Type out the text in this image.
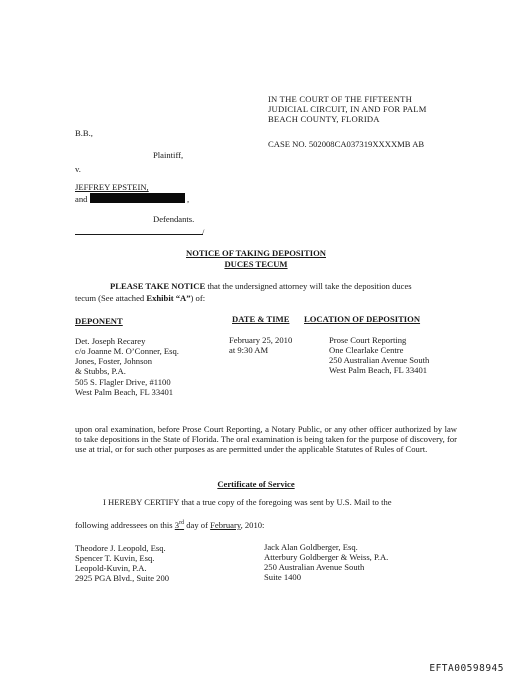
IN THE COURT OF THE FIFTEENTH
JUDICIAL CIRCUIT, IN AND FOR PALM
BEACH COUNTY, FLORIDA
B.B.,
CASE NO. 502008CA037319XXXXMB AB
Plaintiff,
v.
JEFFREY EPSTEIN,
and	,
Defendants.
/
NOTICE OF TAKING DEPOSITION
DUCES TECUM
PLEASE TAKE NOTICE that the undersigned attorney will take the deposition duces
tecum (See attached Exhibit “A”) of:
DEPONENT	DATE & TIME LOCATION OF DEPOSITION
Det. Joseph Recarey
c/o Joanne M. O’Conner, Esq.
Jones, Foster, Johnson
& Stubbs, P.A.
505 S. Flagler Drive, #1100
West Palm Beach, FL 33401
February 25, 2010
at 9:30 AM
Prose Court Reporting
One Clearlake Centre
250 Australian Avenue South
West Palm Beach, FL 33401
upon oral examination, before Prose Court Reporting, a Notary Public, or any other officer authorized by law to take depositions in the State of Florida. The oral examination is being taken for the purpose of discovery, for use at trial, or for such other purposes as are permitted under the applicable Statutes of Rules of Court.
Certificate of Service
I HEREBY CERTIFY that a true copy of the foregoing was sent by U.S. Mail to the
following addressees on this 3rd day of February, 2010:
Theodore J. Leopold, Esq.
Spencer T. Kuvin, Esq.
Leopold-Kuvin, P.A.
2925 PGA Blvd., Suite 200
Jack Alan Goldberger, Esq.
Atterbury Goldberger & Weiss, P.A.
250 Australian Avenue South
Suite 1400
EFTA00598945
